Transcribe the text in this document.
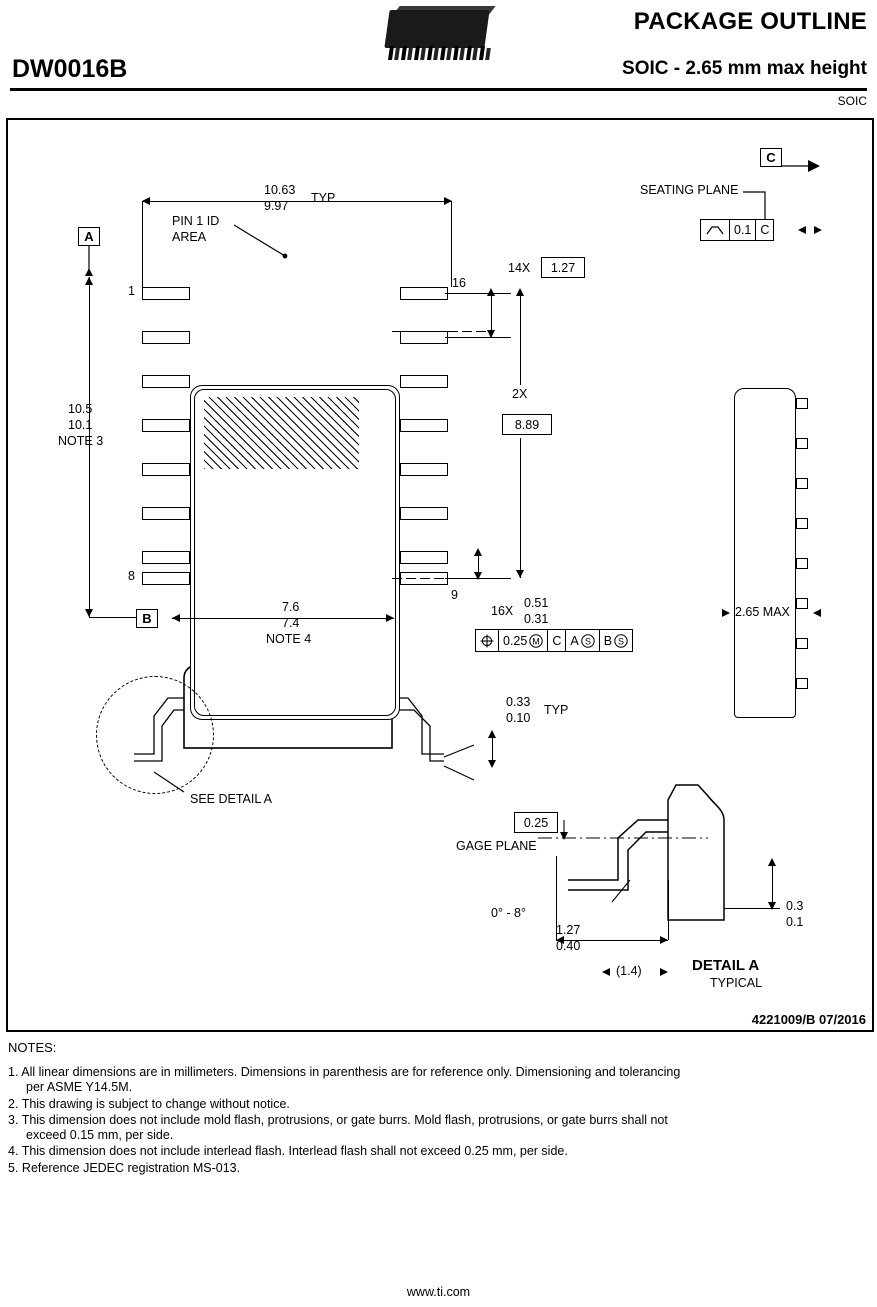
PACKAGE OUTLINE
DW0016B	SOIC - 2.65 mm max height
SOIC
10.63
9.97
TYP
PIN 1 ID
AREA
A
10.5
10.1
NOTE 3
1
8
9
16
B
7.6
7.4
NOTE 4
14X	1.27
2X
8.89
16X
0.51
0.31
0.25 M C A S B S
C
SEATING PLANE
0.1 C
2.65 MAX
SEE DETAIL A
0.33
0.10
TYP
0.25
GAGE PLANE
0° - 8°
1.27
0.40
(1.4)
0.3
0.1
DETAIL A
TYPICAL
4221009/B 07/2016
NOTES:
1. All linear dimensions are in millimeters. Dimensions in parenthesis are for reference only. Dimensioning and tolerancing
per ASME Y14.5M.
2. This drawing is subject to change without notice.
3. This dimension does not include mold flash, protrusions, or gate burrs. Mold flash, protrusions, or gate burrs shall not
exceed 0.15 mm, per side.
4. This dimension does not include interlead flash. Interlead flash shall not exceed 0.25 mm, per side.
5. Reference JEDEC registration MS-013.
www.ti.com
